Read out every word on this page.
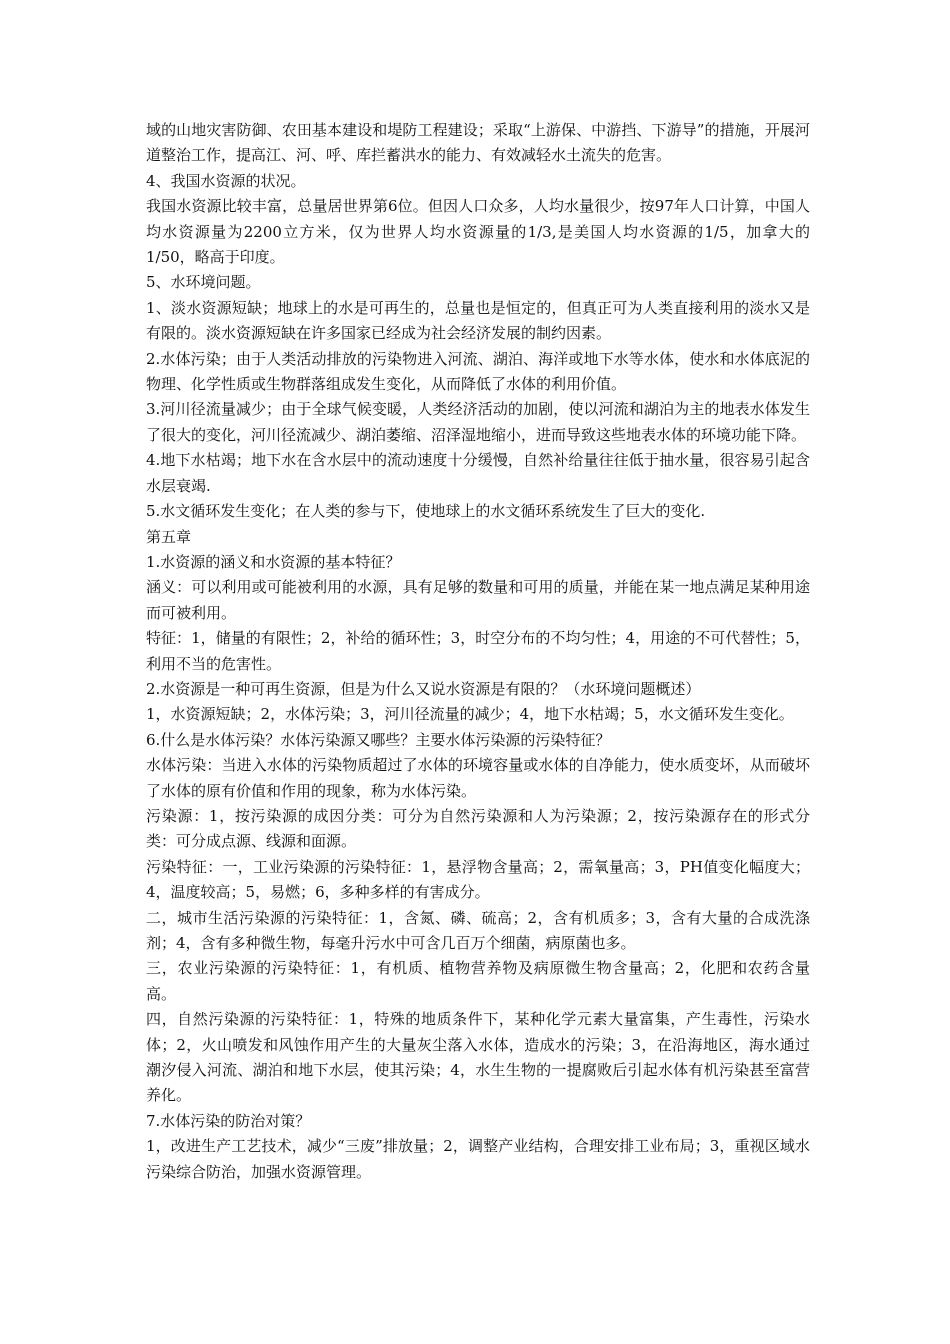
域的山地灾害防御、农田基本建设和堤防工程建设；采取“上游保、中游挡、下游导”的措施，开展河道整治工作，提高江、河、呼、库拦蓄洪水的能力、有效减轻水土流失的危害。

4、我国水资源的状况。

我国水资源比较丰富，总量居世界第6位。但因人口众多，人均水量很少，按97年人口计算，中国人均水资源量为2200立方米，仅为世界人均水资源量的1/3,是美国人均水资源的1/5，加拿大的1/50，略高于印度。

5、水环境问题。

1、淡水资源短缺；地球上的水是可再生的，总量也是恒定的，但真正可为人类直接利用的淡水又是有限的。淡水资源短缺在许多国家已经成为社会经济发展的制约因素。

2.水体污染；由于人类活动排放的污染物进入河流、湖泊、海洋或地下水等水体，使水和水体底泥的物理、化学性质或生物群落组成发生变化，从而降低了水体的利用价值。

3.河川径流量减少；由于全球气候变暖，人类经济活动的加剧，使以河流和湖泊为主的地表水体发生了很大的变化，河川径流减少、湖泊萎缩、沼泽湿地缩小，进而导致这些地表水体的环境功能下降。

4.地下水枯竭；地下水在含水层中的流动速度十分缓慢，自然补给量往往低于抽水量，很容易引起含水层衰竭.

5.水文循环发生变化；在人类的参与下，使地球上的水文循环系统发生了巨大的变化.

第五章

1.水资源的涵义和水资源的基本特征？

涵义：可以利用或可能被利用的水源，具有足够的数量和可用的质量，并能在某一地点满足某种用途而可被利用。

特征：1，储量的有限性；2，补给的循环性；3，时空分布的不均匀性；4，用途的不可代替性；5，利用不当的危害性。

2.水资源是一种可再生资源，但是为什么又说水资源是有限的？（水环境问题概述）

1，水资源短缺；2，水体污染；3，河川径流量的减少；4，地下水枯竭；5，水文循环发生变化。

6.什么是水体污染？水体污染源又哪些？主要水体污染源的污染特征？

水体污染：当进入水体的污染物质超过了水体的环境容量或水体的自净能力，使水质变坏，从而破坏了水体的原有价值和作用的现象，称为水体污染。

污染源：1，按污染源的成因分类：可分为自然污染源和人为污染源；2，按污染源存在的形式分类：可分成点源、线源和面源。

污染特征：一，工业污染源的污染特征：1，悬浮物含量高；2，需氧量高；3，PH值变化幅度大；4，温度较高；5，易燃；6，多种多样的有害成分。

二，城市生活污染源的污染特征：1，含氮、磷、硫高；2，含有机质多；3，含有大量的合成洗涤剂；4，含有多种微生物，每毫升污水中可含几百万个细菌，病原菌也多。

三，农业污染源的污染特征：1，有机质、植物营养物及病原微生物含量高；2，化肥和农药含量高。

四，自然污染源的污染特征：1，特殊的地质条件下，某种化学元素大量富集，产生毒性，污染水体；2，火山喷发和风蚀作用产生的大量灰尘落入水体，造成水的污染；3，在沿海地区，海水通过潮汐侵入河流、湖泊和地下水层，使其污染；4，水生生物的一提腐败后引起水体有机污染甚至富营养化。

7.水体污染的防治对策？

1，改进生产工艺技术，减少“三废”排放量；2，调整产业结构，合理安排工业布局；3，重视区域水污染综合防治，加强水资源管理。
